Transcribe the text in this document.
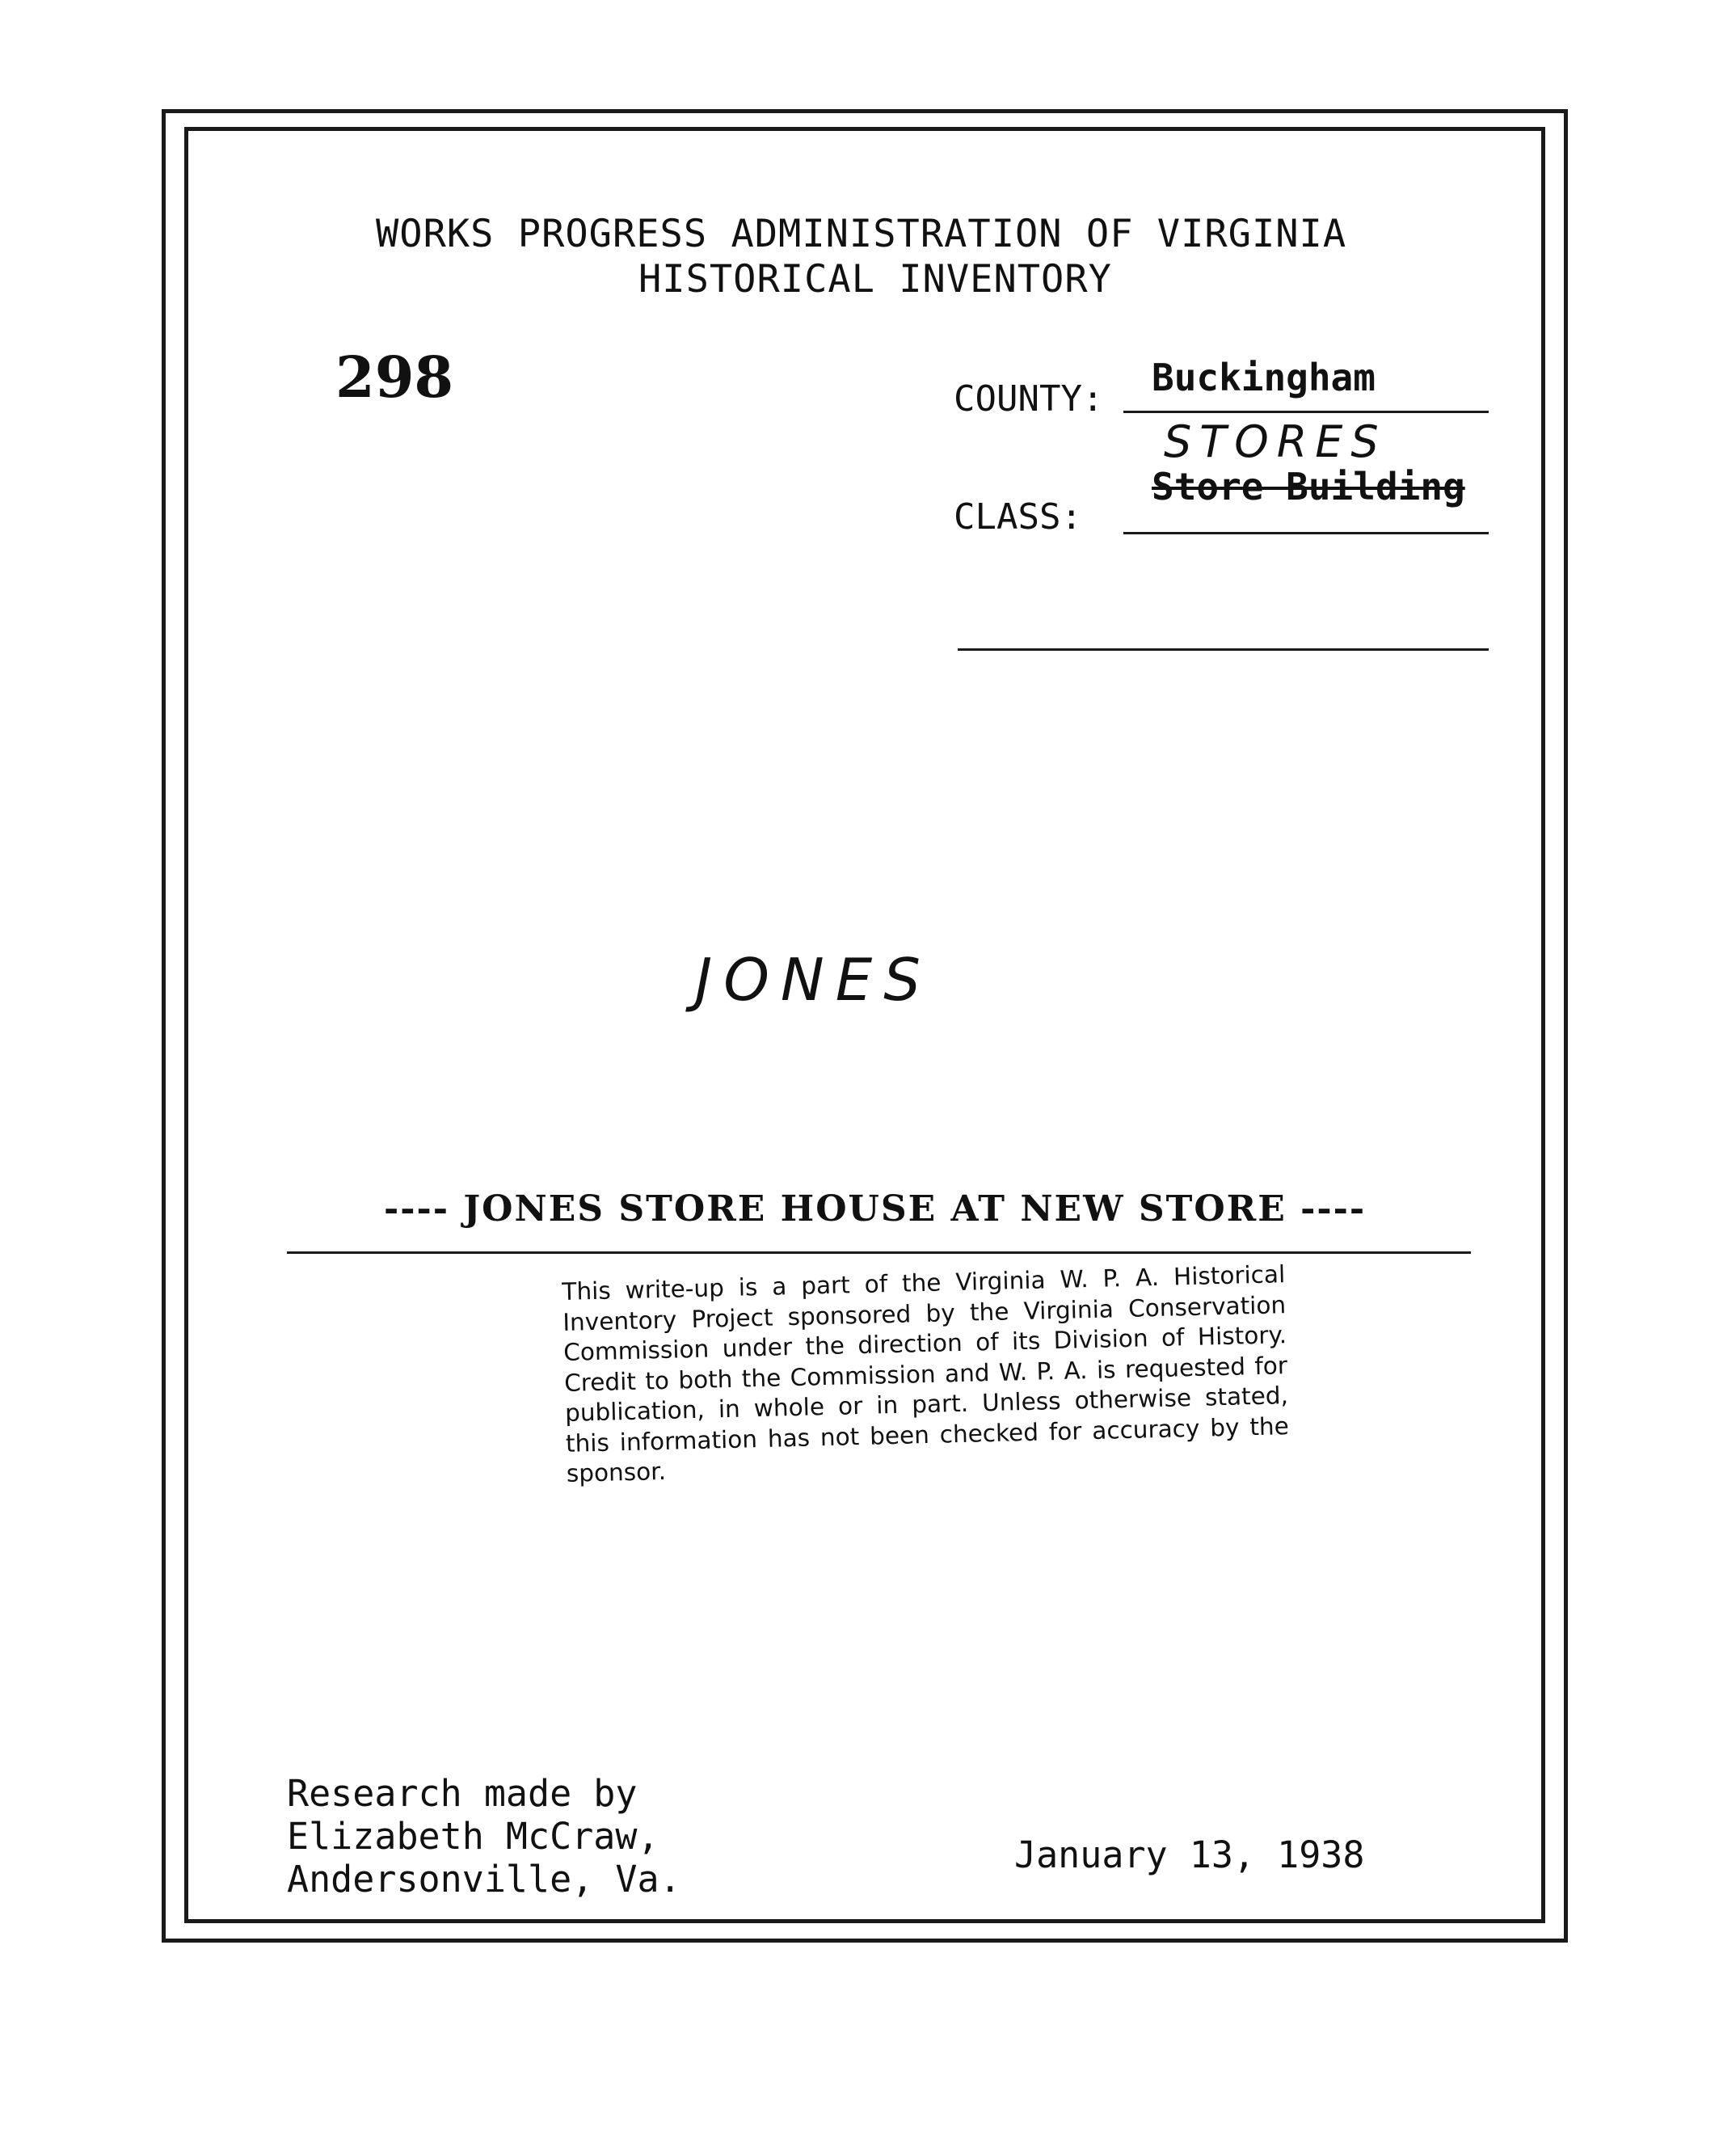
WORKS PROGRESS ADMINISTRATION OF VIRGINIA
HISTORICAL INVENTORY
298	COUNTY: Buckingham
STORES
Store Building
CLASS:
JONES
---- JONES STORE HOUSE AT NEW STORE ----
This write-up is a part of the Virginia W. P. A. Historical Inventory Project sponsored by the Virginia Conservation Commission under the direction of its Division of History. Credit to both the Commission and W. P. A. is requested for publication, in whole or in part. Unless otherwise stated, this information has not been checked for accuracy by the sponsor.
Research made by
Elizabeth McCraw,
Andersonville, Va.
January 13, 1938
